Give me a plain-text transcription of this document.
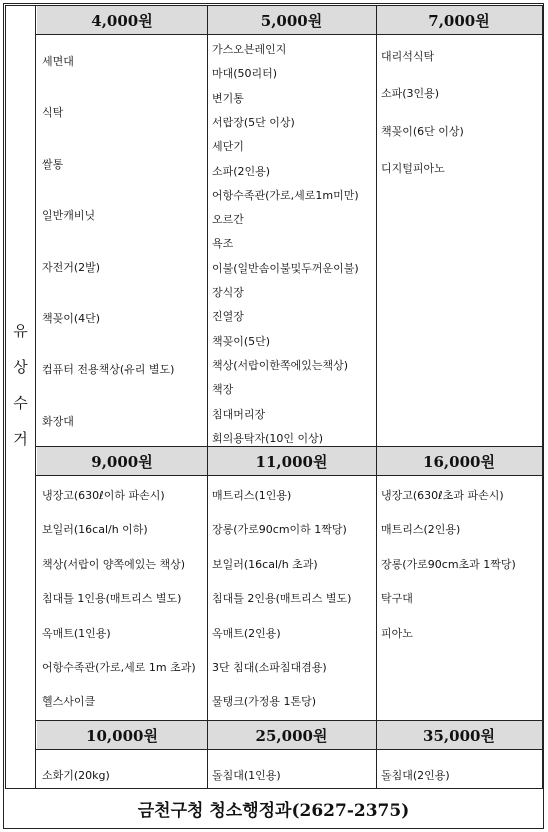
유
상
수
거
4,000원
세면대
식탁
쌀통
일반캐비닛
자전거(2발)
책꽂이(4단)
컴퓨터 전용책상(유리 별도)
화장대
5,000원
가스오븐레인지
마대(50리터)
변기통
서랍장(5단 이상)
세단기
소파(2인용)
어항수족관(가로,세로1m미만)
오르간
욕조
이불(일반솜이불및두꺼운이불)
장식장
진열장
책꽂이(5단)
책상(서랍이한쪽에있는책상)
책장
침대머리장
회의용탁자(10인 이상)
7,000원
대리석식탁
소파(3인용)
책꽂이(6단 이상)
디지털피아노
9,000원
냉장고(630ℓ이하 파손시)
보일러(16cal/h 이하)
책상(서랍이 양쪽에있는 책상)
침대틀 1인용(매트리스 별도)
옥매트(1인용)
어항수족관(가로,세로 1m 초과)
헬스사이클
11,000원
매트리스(1인용)
장롱(가로90cm이하 1짝당)
보일러(16cal/h 초과)
침대틀 2인용(매트리스 별도)
옥매트(2인용)
3단 침대(소파침대겸용)
물탱크(가정용 1톤당)
16,000원
냉장고(630ℓ초과 파손시)
매트리스(2인용)
장롱(가로90cm초과 1짝당)
탁구대
피아노
10,000원
소화기(20kg)
25,000원
돌침대(1인용)
35,000원
돌침대(2인용)
금천구청 청소행정과(2627-2375)
